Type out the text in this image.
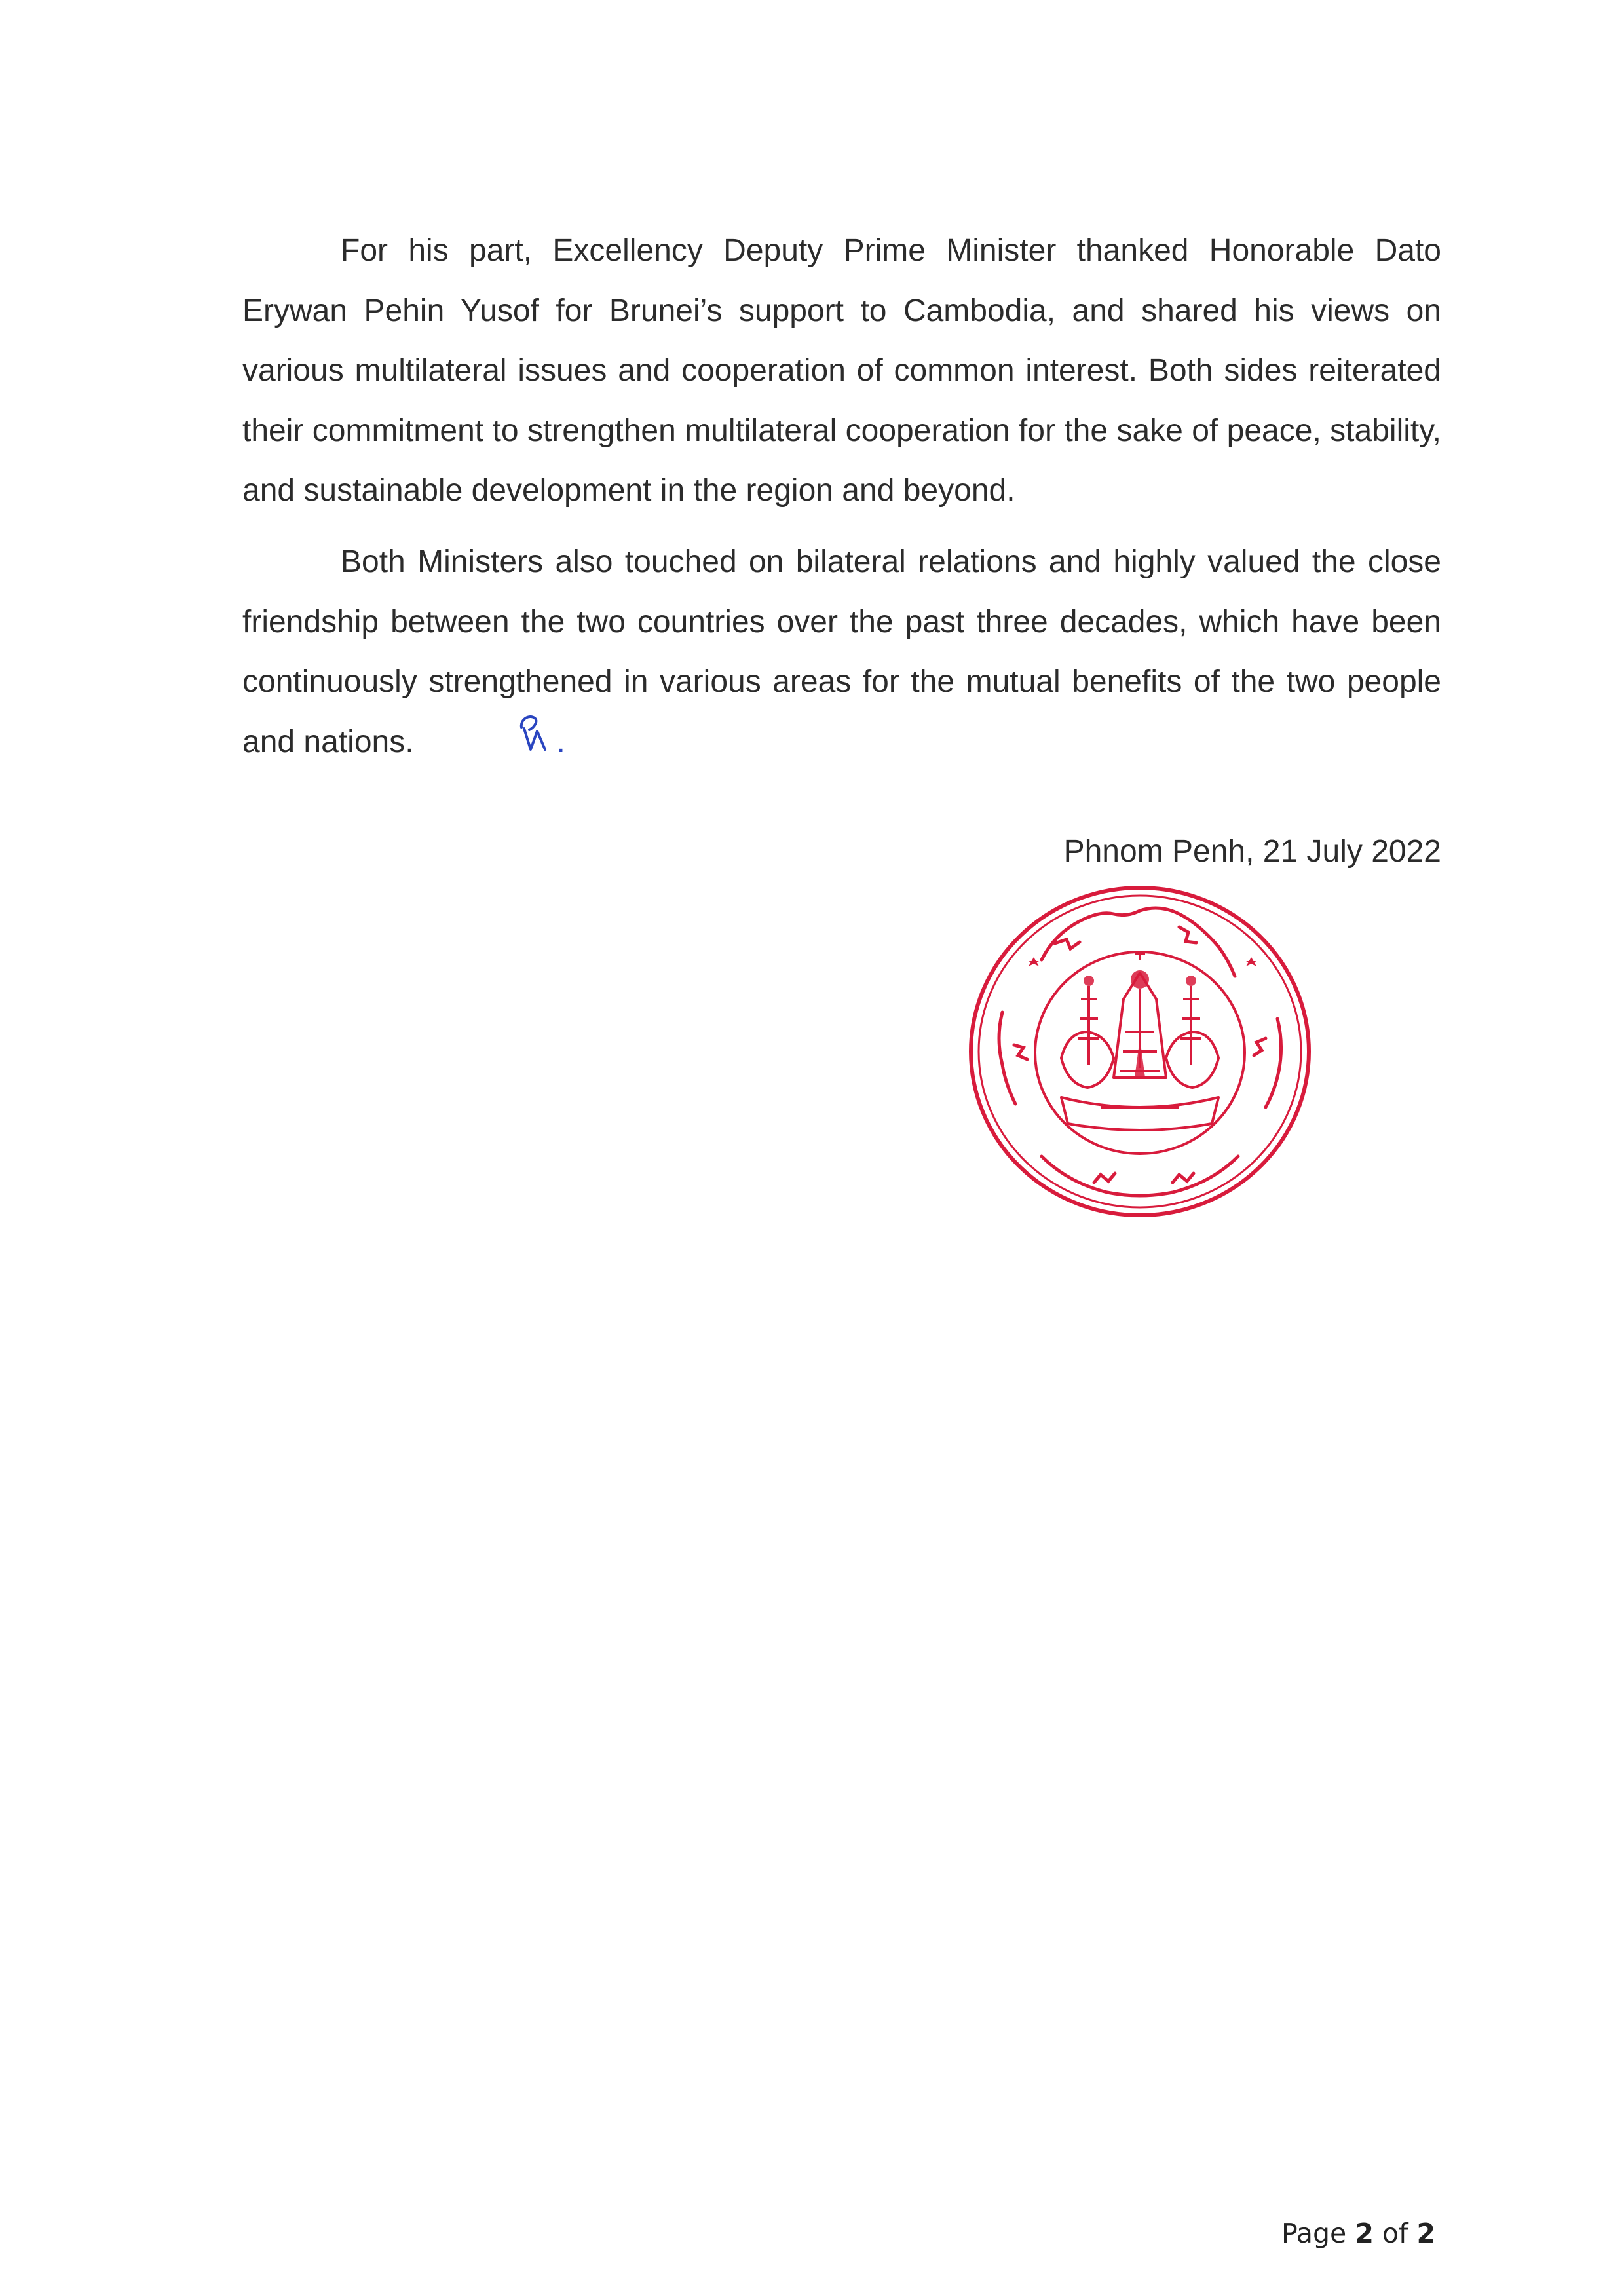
For his part, Excellency Deputy Prime Minister thanked Honorable Dato Erywan Pehin Yusof for Brunei’s support to Cambodia, and shared his views on various multilateral issues and cooperation of common interest. Both sides reiterated their commitment to strengthen multilateral cooperation for the sake of peace, stability, and sustainable development in the region and beyond.

Both Ministers also touched on bilateral relations and highly valued the close friendship between the two countries over the past three decades, which have been continuously strengthened in various areas for the mutual benefits of the two people and nations.	.

Phnom Penh, 21 July 2022
Page 2 of 2
